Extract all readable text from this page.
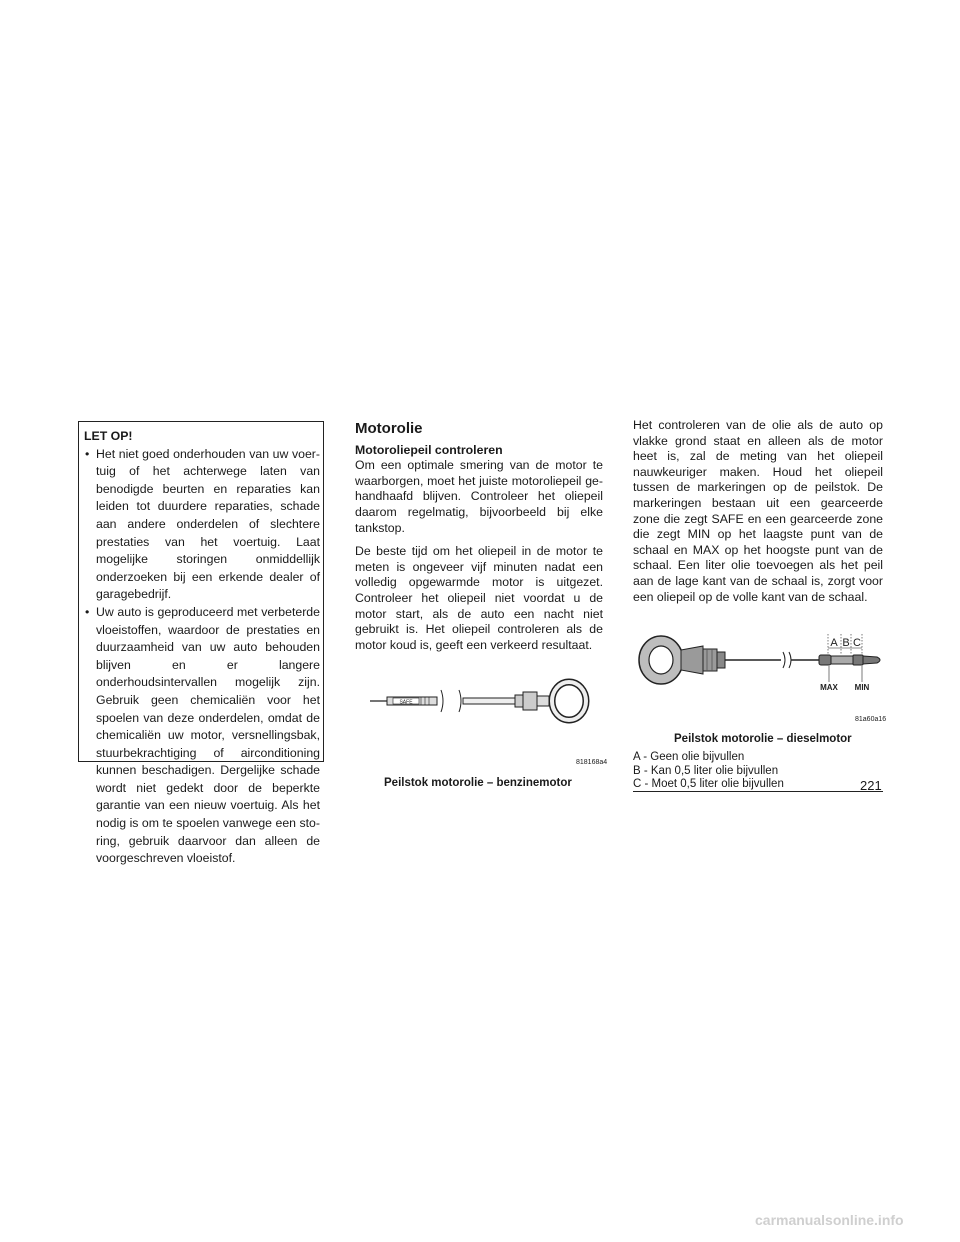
LET OP!
• Het niet goed onderhouden van uw voertuig of het achterwege laten van benodigde beurten en reparaties kan leiden tot duurdere reparaties, schade aan andere onderdelen of slechtere prestaties van het voertuig. Laat mogelijke storingen onmiddellijk onderzoeken bij een erkende dealer of garagebedrijf.
• Uw auto is geproduceerd met verbeterde vloeistoffen, waardoor de prestaties en duurzaamheid van uw auto behouden blijven en er langere onderhoudsintervallen mogelijk zijn. Gebruik geen chemicaliën voor het spoelen van deze onderdelen, omdat de chemicaliën uw motor, versnellingsbak, stuurbekrachtiging of airconditioning kunnen beschadigen. Dergelijke schade wordt niet gedekt door de beperkte garantie van een nieuw voertuig. Als het nodig is om te spoelen vanwege een storing, gebruik daarvoor dan alleen de voorgeschreven vloeistof.
Motorolie
Motoroliepeil controleren

Om een optimale smering van de motor te waarborgen, moet het juiste motoroliepeil gehandhaafd blijven. Controleer het oliepeil daarom regelmatig, bijvoorbeeld bij elke tankstop.

De beste tijd om het oliepeil in de motor te meten is ongeveer vijf minuten nadat een volledig opgewarmde motor is uitgezet. Controleer het oliepeil niet voordat u de motor start, als de auto een nacht niet gebruikt is. Het oliepeil controleren als de motor koud is, geeft een verkeerd resultaat.

SAFE
818168a4
Peilstok motorolie – benzinemotor

Het controleren van de olie als de auto op vlakke grond staat en alleen als de motor heet is, zal de meting van het oliepeil nauwkeuriger maken. Houd het oliepeil tussen de markeringen op de peilstok. De markeringen bestaan uit een gearceerde zone die zegt SAFE en een gearceerde zone die zegt MIN op het laagste punt van de schaal en MAX op het hoogste punt van de schaal. Een liter olie toevoegen als het peil aan de lage kant van de schaal is, zorgt voor een oliepeil op de volle kant van de schaal.

A B C
MAX MIN
81a60a16
Peilstok motorolie – dieselmotor
A - Geen olie bijvullen
B - Kan 0,5 liter olie bijvullen
C - Moet 0,5 liter olie bijvullen	221
carmanualsonline.info
